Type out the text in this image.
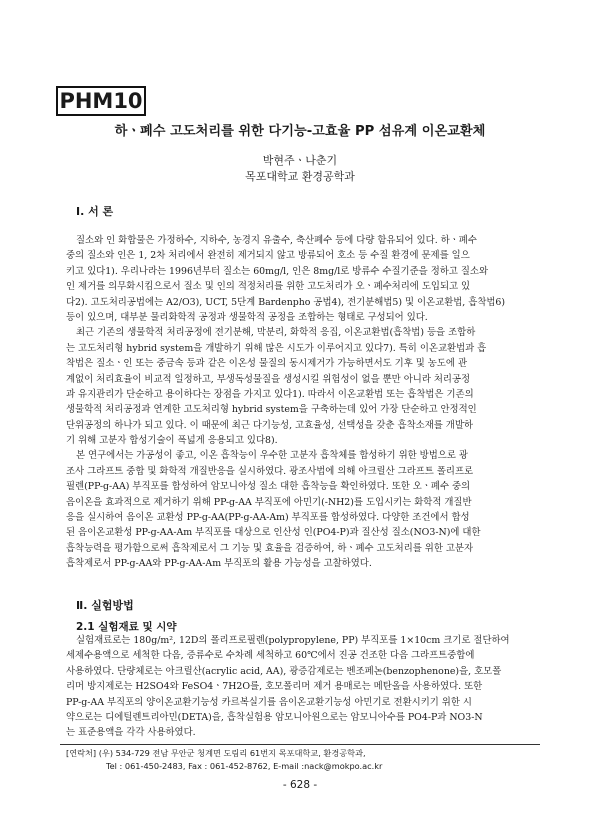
PHM10
하ㆍ폐수 고도처리를 위한 다기능-고효율 PP 섬유계 이온교환체
박현주ㆍ나춘기
목포대학교 환경공학과
Ⅰ. 서 론
질소와 인 화합물은 가정하수, 지하수, 농경지 유출수, 축산폐수 등에 다량 함유되어 있다. 하ㆍ폐수
중의 질소와 인은 1, 2차 처리에서 완전히 제거되지 않고 방류되어 호소 등 수질 환경에 문제를 일으
키고 있다1). 우리나라는 1996년부터 질소는 60mg/l, 인은 8mg/l로 방류수 수질기준을 정하고 질소와
인 제거를 의무화시킴으로서 질소 및 인의 적정처리를 위한 고도처리가 오ㆍ폐수처리에 도입되고 있
다2). 고도처리공법에는 A2/O3), UCT, 5단계 Bardenpho 공법4), 전기분해법5) 및 이온교환법, 흡착법6)
등이 있으며, 대부분 물리화학적 공정과 생물학적 공정을 조합하는 형태로 구성되어 있다.
최근 기존의 생물학적 처리공정에 전기분해, 막분리, 화학적 응집, 이온교환법(흡착법) 등을 조합하
는 고도처리형 hybrid system을 개발하기 위해 많은 시도가 이루어지고 있다7). 특히 이온교환법과 흡
착법은 질소ㆍ인 또는 중금속 등과 같은 이온성 물질의 동시제거가 가능하면서도 기후 및 농도에 관
계없이 처리효율이 비교적 일정하고, 부생독성물질을 생성시킬 위험성이 없을 뿐만 아니라 처리공정
과 유지관리가 단순하고 용이하다는 장점을 가지고 있다1). 따라서 이온교환법 또는 흡착법은 기존의
생물학적 처리공정과 연계한 고도처리형 hybrid system을 구축하는데 있어 가장 단순하고 안정적인
단위공정의 하나가 되고 있다. 이 때문에 최근 다기능성, 고효율성, 선택성을 갖춘 흡착소재를 개발하
기 위해 고분자 합성기술이 폭넓게 응용되고 있다8).
본 연구에서는 가공성이 좋고, 이온 흡착능이 우수한 고분자 흡착체를 합성하기 위한 방법으로 광
조사 그라프트 중합 및 화학적 개질반응을 실시하였다. 광조사법에 의해 아크릴산 그라프트 폴리프로
필렌(PP-g-AA) 부직포를 합성하여 암모니아성 질소 대한 흡착능을 확인하였다. 또한 오ㆍ폐수 중의
음이온을 효과적으로 제거하기 위해 PP-g-AA 부직포에 아민기(-NH2)를 도입시키는 화학적 개질반
응을 실시하여 음이온 교환성 PP-g-AA(PP-g-AA-Am) 부직포를 합성하였다. 다양한 조건에서 합성
된 음이온교환성 PP-g-AA-Am 부직포를 대상으로 인산성 인(PO4-P)과 질산성 질소(NO3-N)에 대한
흡착능력을 평가함으로써 흡착제로서 그 기능 및 효율을 검증하여, 하ㆍ폐수 고도처리를 위한 고분자
흡착제로서 PP-g-AA와 PP-g-AA-Am 부직포의 활용 가능성을 고찰하였다.
Ⅱ. 실험방법
2.1 실험재료 및 시약
실험재료로는 180g/m², 12D의 폴리프로필렌(polypropylene, PP) 부직포를 1×10cm 크기로 절단하여
세제수용액으로 세척한 다음, 증류수로 수차례 세척하고 60℃에서 진공 건조한 다음 그라프트중합에
사용하였다. 단량체로는 아크릴산(acrylic acid, AA), 광증감제로는 벤조페논(benzophenone)을, 호모폴
리머 방지제로는 H2SO4와 FeSO4ㆍ7H2O를, 호모폴리머 제거 용매로는 메탄올을 사용하였다. 또한
PP-g-AA 부직포의 양이온교환기능성 카르복실기를 음이온교환기능성 아민기로 전환시키기 위한 시
약으로는 디에틸렌트리아민(DETA)을, 흡착실험용 암모니아원으로는 암모니아수를 PO4-P과 NO3-N
는 표준용액을 각각 사용하였다.
[연락처] (우) 534-729 전남 무안군 청계면 도림리 61번지 목포대학교, 환경공학과,
Tel : 061-450-2483, Fax : 061-452-8762, E-mail :nack@mokpo.ac.kr
- 628 -
